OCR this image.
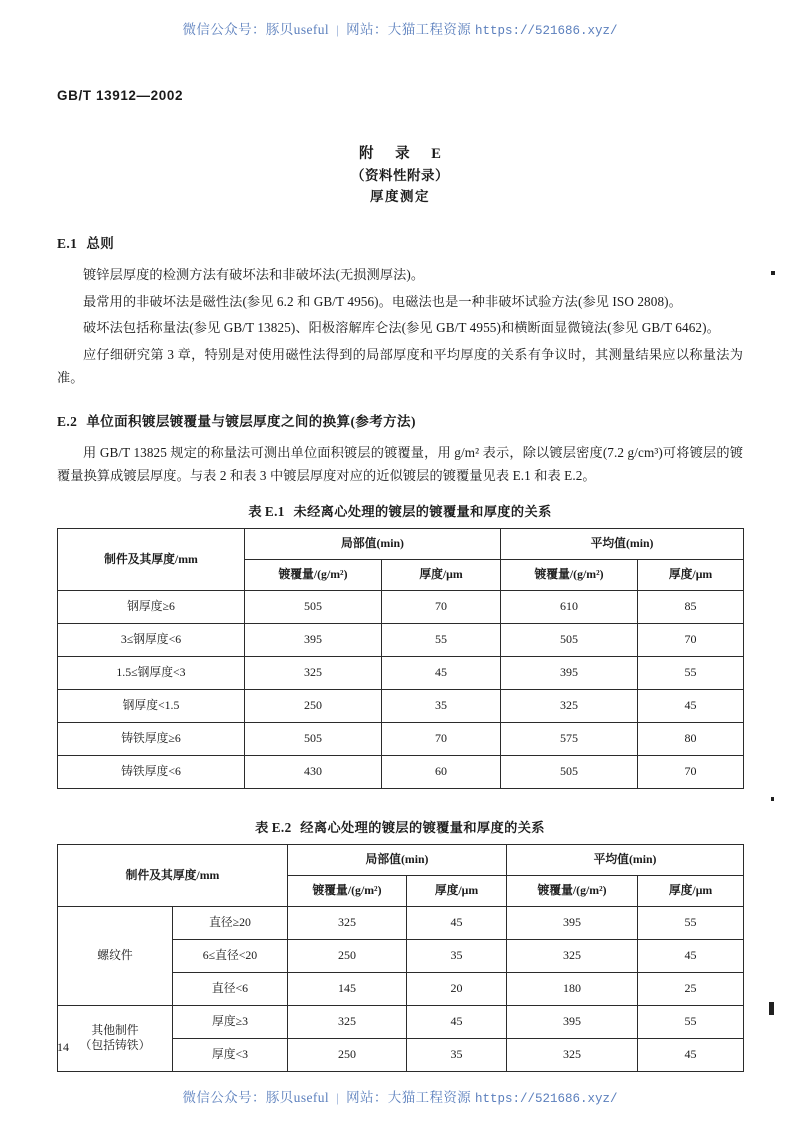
微信公众号：豚贝useful | 网站：大猫工程资源 https://521686.xyz/
GB/T 13912—2002
附 录 E
（资料性附录）
厚度测定
E.1 总则

镀锌层厚度的检测方法有破坏法和非破坏法(无损测厚法)。

最常用的非破坏法是磁性法(参见 6.2 和 GB/T 4956)。电磁法也是一种非破坏试验方法(参见 ISO 2808)。

破坏法包括称量法(参见 GB/T 13825)、阳极溶解库仑法(参见 GB/T 4955)和横断面显微镜法(参见 GB/T 6462)。

应仔细研究第 3 章，特别是对使用磁性法得到的局部厚度和平均厚度的关系有争议时，其测量结果应以称量法为准。

E.2 单位面积镀层镀覆量与镀层厚度之间的换算(参考方法)

用 GB/T 13825 规定的称量法可测出单位面积镀层的镀覆量，用 g/m² 表示，除以镀层密度(7.2 g/cm³)可将镀层的镀覆量换算成镀层厚度。与表 2 和表 3 中镀层厚度对应的近似镀层的镀覆量见表 E.1 和表 E.2。

表 E.1 未经离心处理的镀层的镀覆量和厚度的关系
制件及其厚度/mm	局部值(min)		平均值(min)	
	镀覆量/(g/m²)	厚度/μm	镀覆量/(g/m²)	厚度/μm
钢厚度≥6	505	70	610	85
3≤钢厚度<6	395	55	505	70
1.5≤钢厚度<3	325	45	395	55
钢厚度<1.5	250	35	325	45
铸铁厚度≥6	505	70	575	80
铸铁厚度<6	430	60	505	70
表 E.2 经离心处理的镀层的镀覆量和厚度的关系
制件及其厚度/mm		局部值(min)		平均值(min)	
		镀覆量/(g/m²)	厚度/μm	镀覆量/(g/m²)	厚度/μm
螺纹件	直径≥20	325	45	395	55
	6≤直径<20	250	35	325	45
	直径<6	145	20	180	25
其他制件
（包括铸铁）	厚度≥3	325	45	395	55
	厚度<3	250	35	325	45
14
微信公众号：豚贝useful | 网站：大猫工程资源 https://521686.xyz/
